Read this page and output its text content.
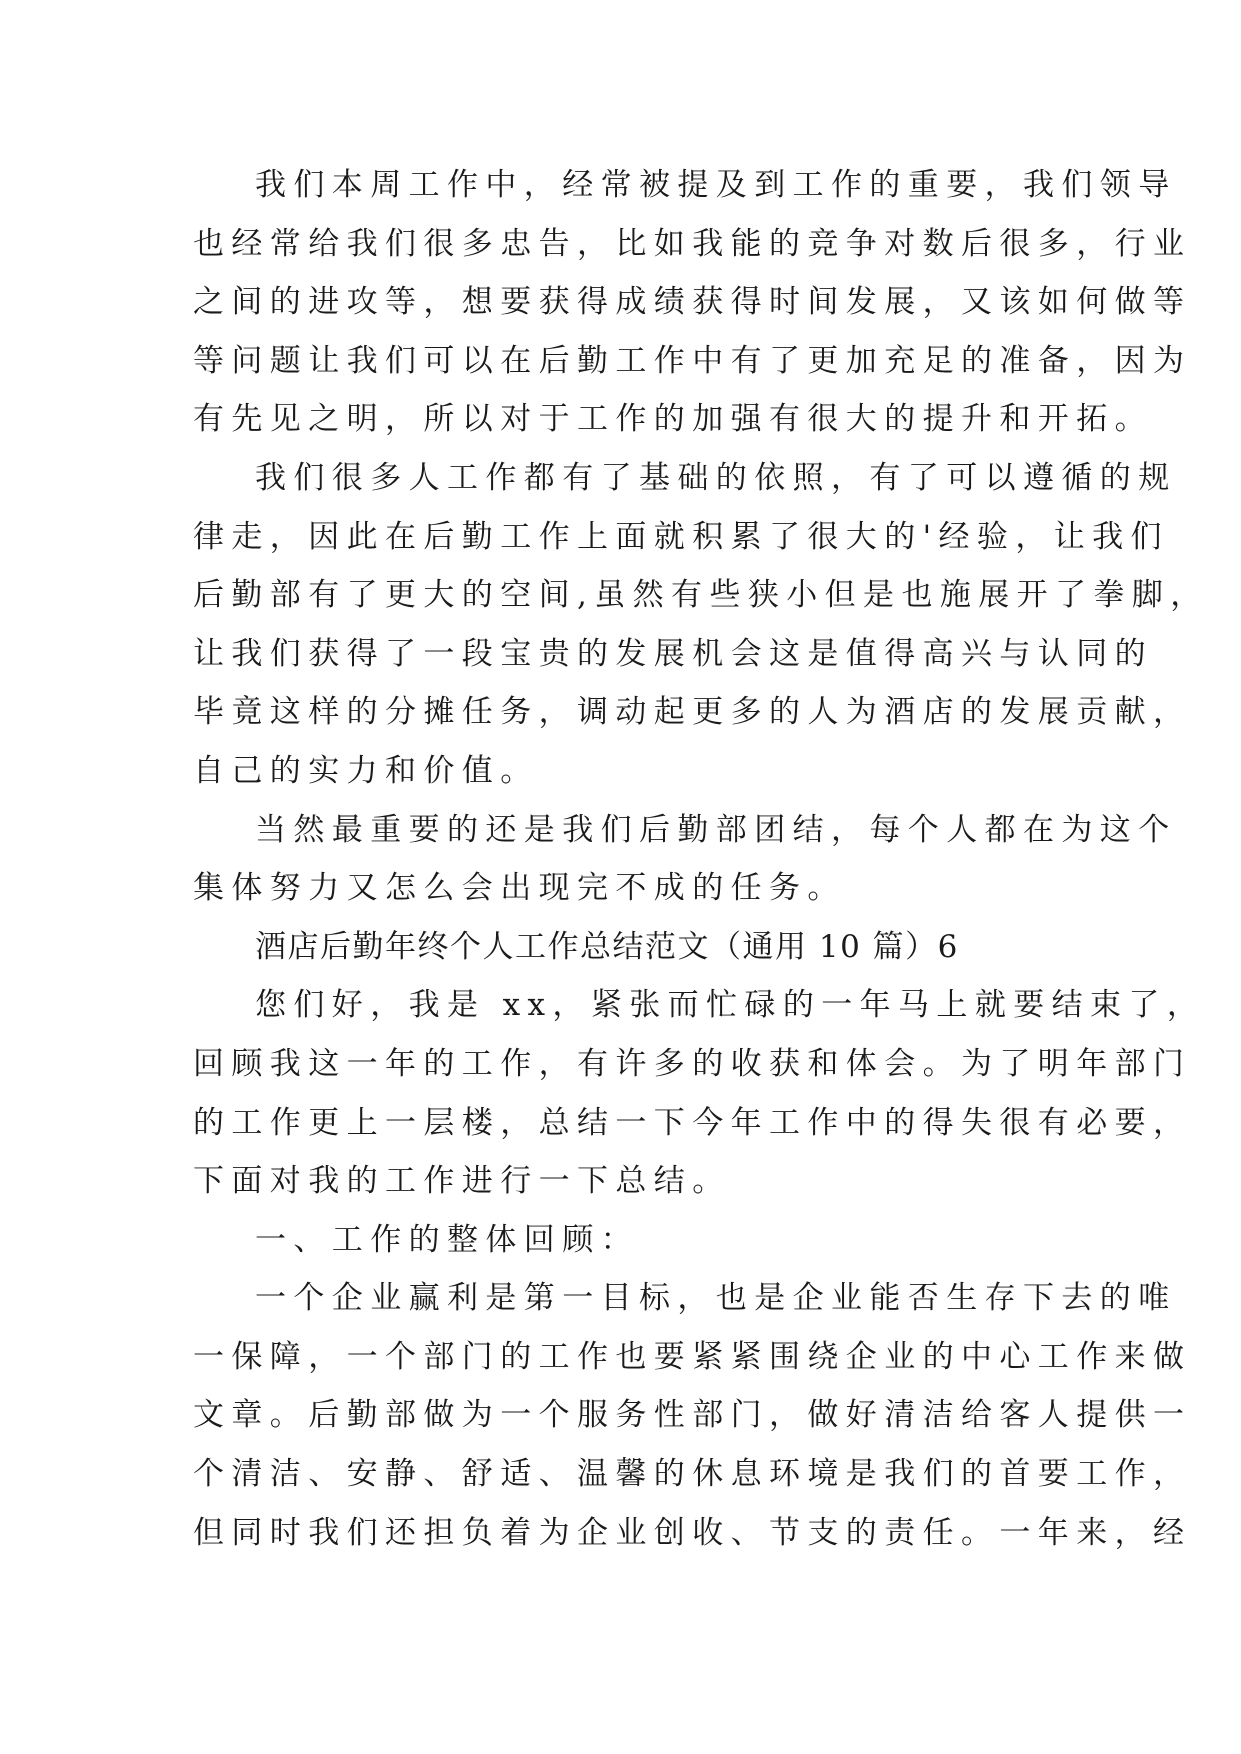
我们本周工作中，经常被提及到工作的重要，我们领导
也经常给我们很多忠告，比如我能的竞争对数后很多，行业
之间的进攻等，想要获得成绩获得时间发展，又该如何做等
等问题让我们可以在后勤工作中有了更加充足的准备，因为
有先见之明，所以对于工作的加强有很大的提升和开拓。
我们很多人工作都有了基础的依照，有了可以遵循的规
律走，因此在后勤工作上面就积累了很大的'经验，让我们
后勤部有了更大的空间,虽然有些狭小但是也施展开了拳脚，
让我们获得了一段宝贵的发展机会这是值得高兴与认同的
毕竟这样的分摊任务，调动起更多的人为酒店的发展贡献，
自己的实力和价值。
当然最重要的还是我们后勤部团结，每个人都在为这个
集体努力又怎么会出现完不成的任务。
酒店后勤年终个人工作总结范文（通用 10 篇）6
您们好，我是 xx，紧张而忙碌的一年马上就要结束了，
回顾我这一年的工作，有许多的收获和体会。为了明年部门
的工作更上一层楼，总结一下今年工作中的得失很有必要，
下面对我的工作进行一下总结。
一、工作的整体回顾：
一个企业赢利是第一目标，也是企业能否生存下去的唯
一保障，一个部门的工作也要紧紧围绕企业的中心工作来做
文章。后勤部做为一个服务性部门，做好清洁给客人提供一
个清洁、安静、舒适、温馨的休息环境是我们的首要工作，
但同时我们还担负着为企业创收、节支的责任。一年来，经
